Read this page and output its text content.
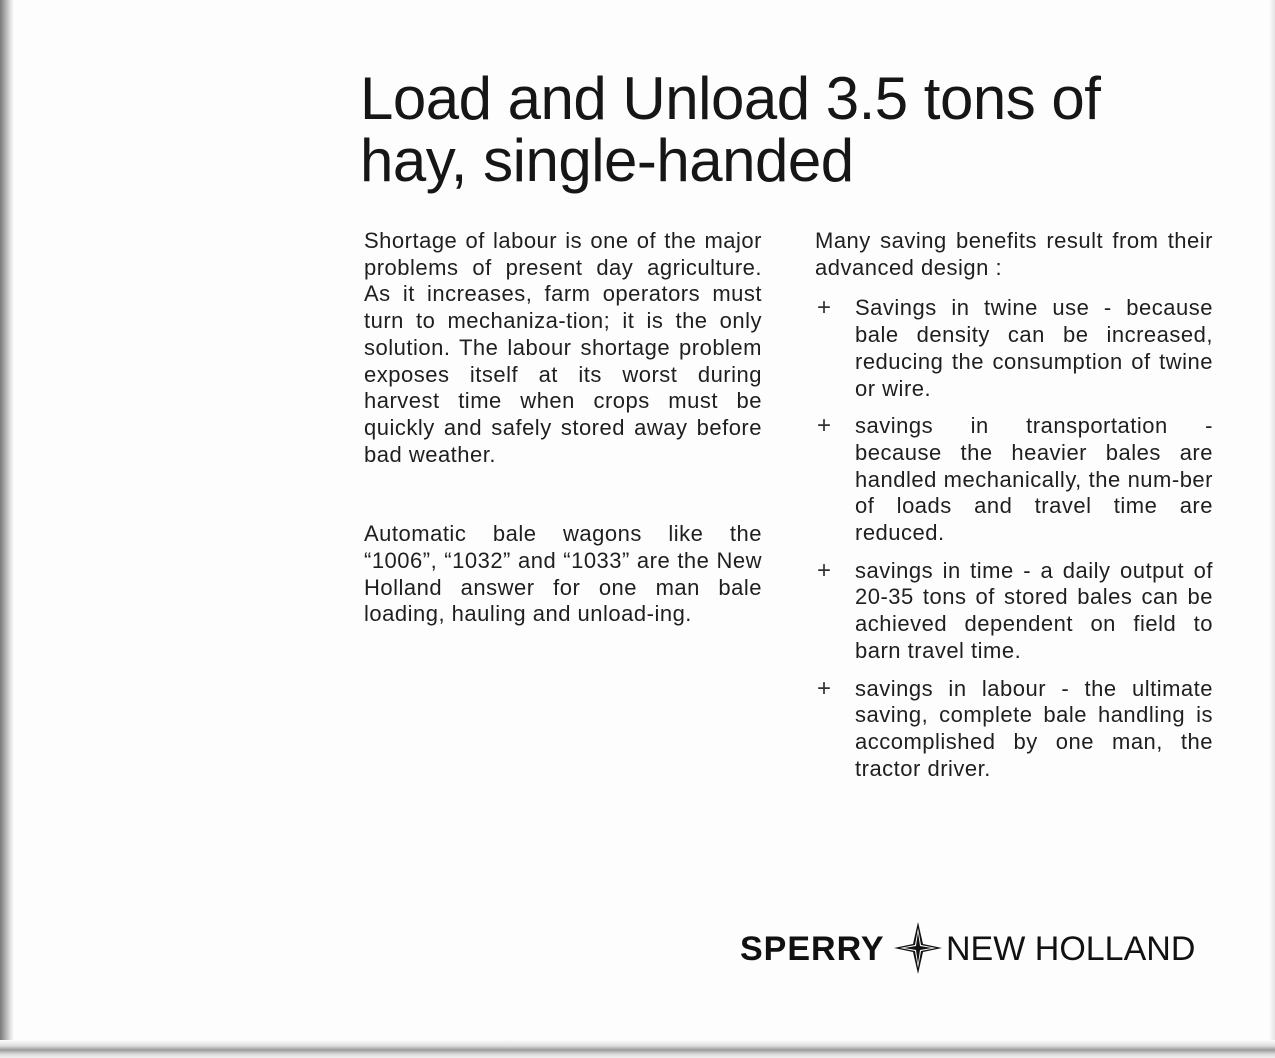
Load and Unload 3.5 tons of
hay, single-handed

Shortage of labour is one of the major problems of present day agriculture. As it increases, farm operators must turn to mechaniza-tion; it is the only solution. The labour shortage problem exposes itself at its worst during harvest time when crops must be quickly and safely stored away before bad weather.

Automatic bale wagons like the “1006”, “1032” and “1033” are the New Holland answer for one man bale loading, hauling and unload-ing.

Many saving benefits result from their advanced design :

+ Savings in twine use - because bale density can be increased, reducing the consumption of twine or wire.
+ savings in transportation - because the heavier bales are handled mechanically, the num-ber of loads and travel time are reduced.
+ savings in time - a daily output of 20-35 tons of stored bales can be achieved dependent on field to barn travel time.
+ savings in labour - the ultimate saving, complete bale handling is accomplished by one man, the tractor driver.
SPERRY NEW HOLLAND
